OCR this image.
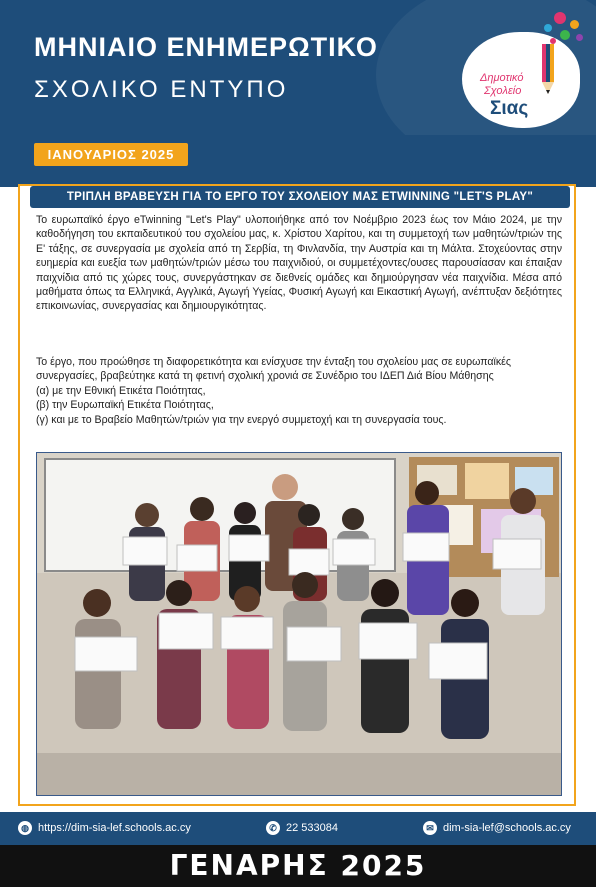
ΜΗΝΙΑΙΟ ΕΝΗΜΕΡΩΤΙΚΟ
ΣΧΟΛΙΚΟ ΕΝΤΥΠΟ	Δημοτικό
Σχολείο
Σιας
ΙΑΝΟΥΑΡΙΟΣ 2025
ΤΡΙΠΛΗ ΒΡΑΒΕΥΣΗ ΓΙΑ ΤΟ ΕΡΓΟ ΤΟΥ ΣΧΟΛΕΙΟΥ ΜΑΣ ETWINNING "LET'S PLAY"

Το ευρωπαϊκό έργο eTwinning "Let's Play" υλοποιήθηκε από τον Νοέμβριο 2023 έως τον Μάιο 2024, με την καθοδήγηση του εκπαιδευτικού του σχολείου μας, κ. Χρίστου Χαρίτου, και τη συμμετοχή των μαθητών/τριών της Ε' τάξης, σε συνεργασία με σχολεία από τη Σερβία, τη Φινλανδία, την Αυστρία και τη Μάλτα. Στοχεύοντας στην ευημερία και ευεξία των μαθητών/τριών μέσω του παιχνιδιού, οι συμμετέχοντες/ουσες παρουσίασαν και έπαιξαν παιχνίδια από τις χώρες τους, συνεργάστηκαν σε διεθνείς ομάδες και δημιούργησαν νέα παιχνίδια. Μέσα από μαθήματα όπως τα Ελληνικά, Αγγλικά, Αγωγή Υγείας, Φυσική Αγωγή και Εικαστική Αγωγή, ανέπτυξαν δεξιότητες επικοινωνίας, συνεργασίας και δημιουργικότητας.

Το έργο, που προώθησε τη διαφορετικότητα και ενίσχυσε την ένταξη του σχολείου μας σε ευρωπαϊκές συνεργασίες, βραβεύτηκε κατά τη φετινή σχολική χρονιά σε Συνέδριο του ΙΔΕΠ Διά Βίου Μάθησης
(α) με την Εθνική Ετικέτα Ποιότητας,
(β) την Ευρωπαϊκή Ετικέτα Ποιότητας,
(γ) και με το Βραβείο Μαθητών/τριών για την ενεργό συμμετοχή και τη συνεργασία τους.
◍ https://dim-sia-lef.schools.ac.cy	✆ 22 533084	✉ dim-sia-lef@schools.ac.cy
ΓΕΝΑΡΗΣ 2025
